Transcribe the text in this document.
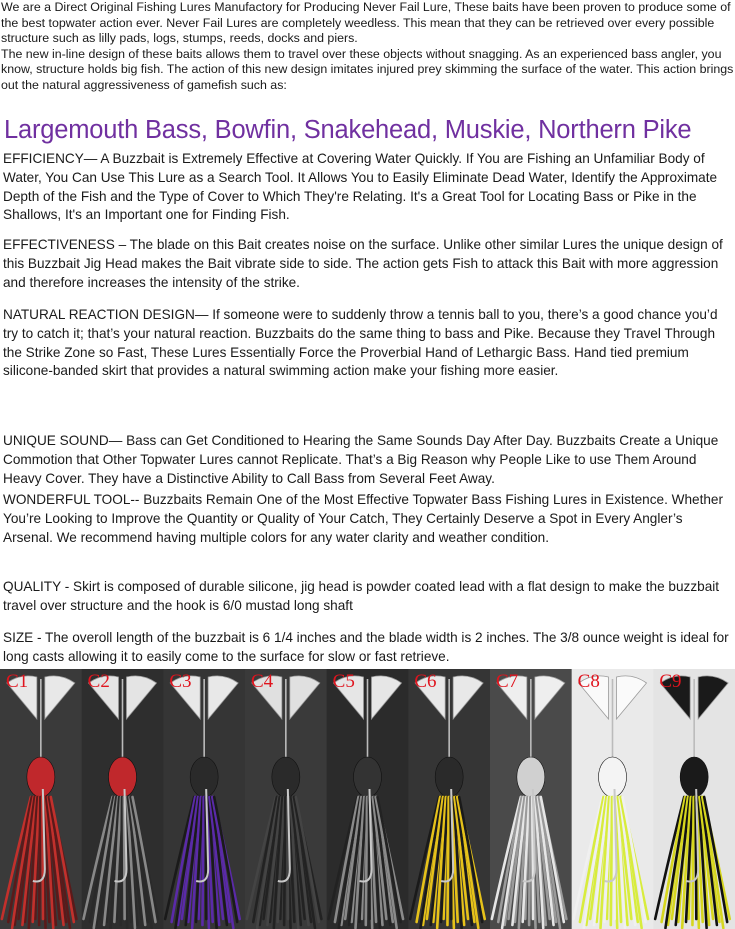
We are a Direct Original Fishing Lures Manufactory for Producing Never Fail Lure, These baits have been proven to produce some of the best topwater action ever. Never Fail Lures are completely weedless. This mean that they can be retrieved over every possible structure such as lilly pads, logs, stumps, reeds, docks and piers.

The new in-line design of these baits allows them to travel over these objects without snagging. As an experienced bass angler, you know, structure holds big fish. The action of this new design imitates injured prey skimming the surface of the water. This action brings out the natural aggressiveness of gamefish such as:

Largemouth Bass, Bowfin, Snakehead, Muskie, Northern Pike

EFFICIENCY— A Buzzbait is Extremely Effective at Covering Water Quickly. If You are Fishing an Unfamiliar Body of Water, You Can Use This Lure as a Search Tool. It Allows You to Easily Eliminate Dead Water, Identify the Approximate Depth of the Fish and the Type of Cover to Which They're Relating. It's a Great Tool for Locating Bass or Pike in the Shallows, It's an Important one for Finding Fish.

EFFECTIVENESS – The blade on this Bait creates noise on the surface. Unlike other similar Lures the unique design of this Buzzbait Jig Head makes the Bait vibrate side to side. The action gets Fish to attack this Bait with more aggression and therefore increases the intensity of the strike.

NATURAL REACTION DESIGN— If someone were to suddenly throw a tennis ball to you, there’s a good chance you’d try to catch it; that’s your natural reaction. Buzzbaits do the same thing to bass and Pike. Because they Travel Through the Strike Zone so Fast, These Lures Essentially Force the Proverbial Hand of Lethargic Bass. Hand tied premium silicone-banded skirt that provides a natural swimming action make your fishing more easier.

UNIQUE SOUND— Bass can Get Conditioned to Hearing the Same Sounds Day After Day. Buzzbaits Create a Unique Commotion that Other Topwater Lures cannot Replicate. That’s a Big Reason why People Like to use Them Around Heavy Cover. They have a Distinctive Ability to Call Bass from Several Feet Away.

WONDERFUL TOOL-- Buzzbaits Remain One of the Most Effective Topwater Bass Fishing Lures in Existence. Whether You’re Looking to Improve the Quantity or Quality of Your Catch, They Certainly Deserve a Spot in Every Angler’s Arsenal. We recommend having multiple colors for any water clarity and weather condition.

QUALITY - Skirt is composed of durable silicone, jig head is powder coated lead with a flat design to make the buzzbait travel over structure and the hook is 6/0 mustad long shaft

SIZE - The overoll length of the buzzbait is 6 1/4 inches and the blade width is 2 inches. The 3/8 ounce weight is ideal for long casts allowing it to easily come to the surface for slow or fast retrieve.

C1	C2	C3	C4	C5	C6	C7	C8	C9
